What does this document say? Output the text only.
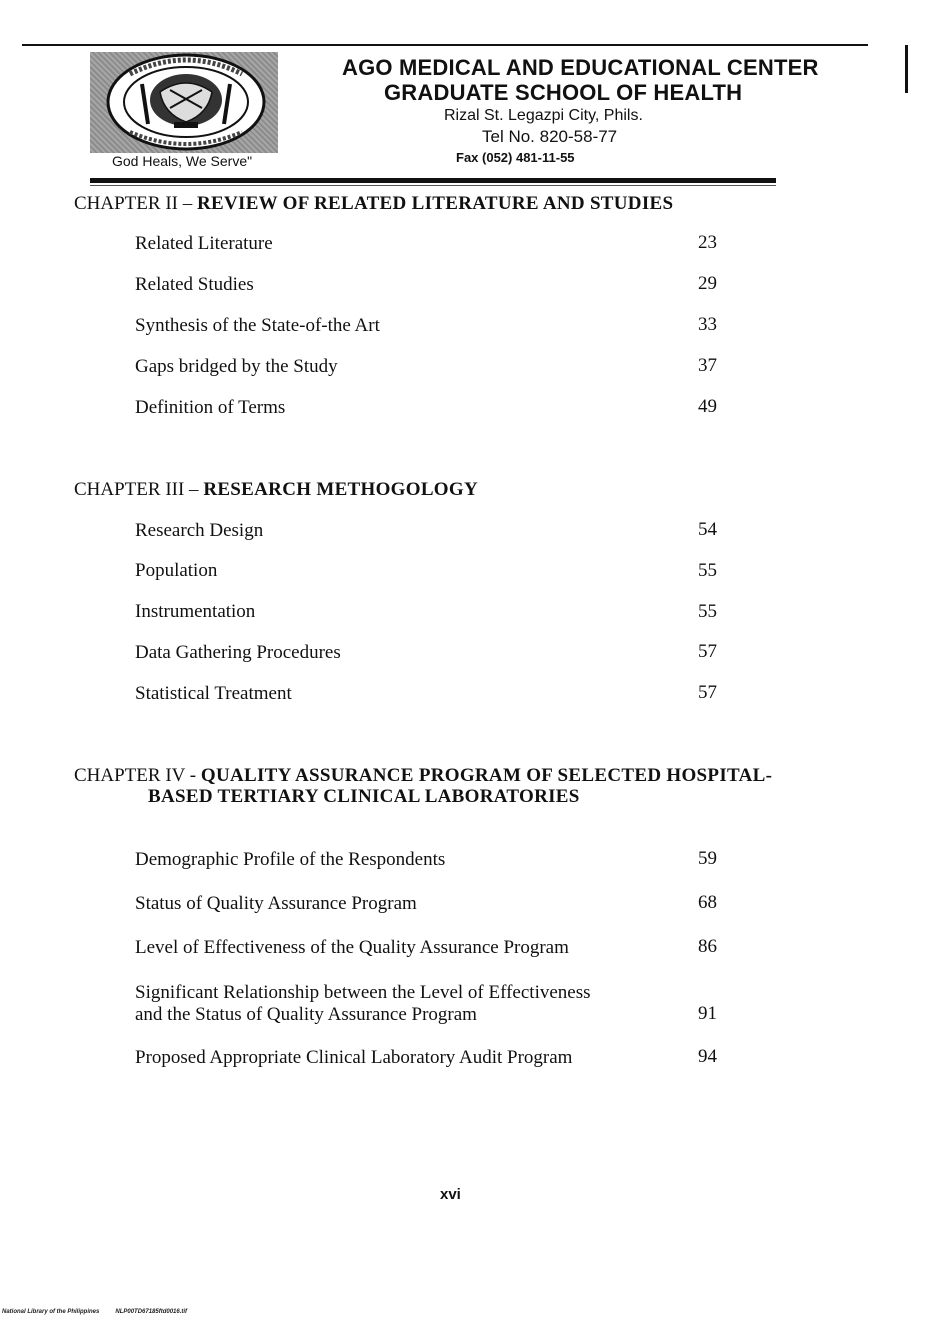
God Heals, We Serve"
AGO MEDICAL AND EDUCATIONAL CENTER
GRADUATE SCHOOL OF HEALTH
Rizal St. Legazpi City, Phils.
Tel No. 820-58-77
Fax (052) 481-11-55
CHAPTER II – REVIEW OF RELATED LITERATURE AND STUDIES
Related Literature	23
Related Studies	29
Synthesis of the State-of-the Art	33
Gaps bridged by the Study	37
Definition of Terms	49
CHAPTER III – RESEARCH METHOGOLOGY
Research Design	54
Population	55
Instrumentation	55
Data Gathering Procedures	57
Statistical Treatment	57
CHAPTER IV - QUALITY ASSURANCE PROGRAM OF SELECTED HOSPITAL-
BASED TERTIARY CLINICAL LABORATORIES
Demographic Profile of the Respondents	59
Status of Quality Assurance Program	68
Level of Effectiveness of the Quality Assurance Program	86
Significant Relationship between the Level of Effectiveness
and the Status of Quality Assurance Program	91
Proposed Appropriate Clinical Laboratory Audit Program	94
xvi
National Library of the Philippines	NLP00TD67185ftd0016.tif
